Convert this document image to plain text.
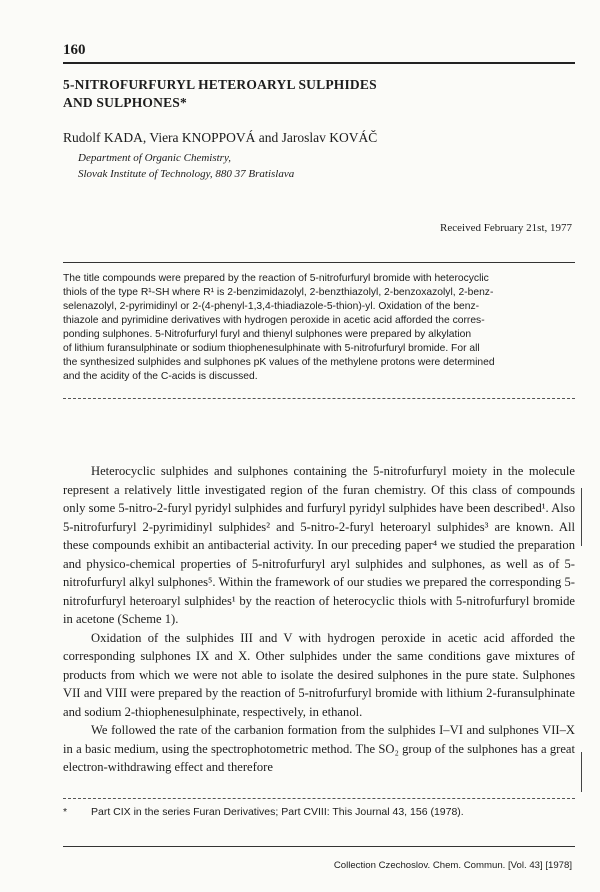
160
5-NITROFURFURYL HETEROARYL SULPHIDES
AND SULPHONES*
Rudolf KADA, Viera KNOPPOVÁ and Jaroslav KOVÁČ
Department of Organic Chemistry,
Slovak Institute of Technology, 880 37 Bratislava
Received February 21st, 1977
The title compounds were prepared by the reaction of 5-nitrofurfuryl bromide with heterocyclic
thiols of the type R¹-SH where R¹ is 2-benzimidazolyl, 2-benzthiazolyl, 2-benzoxazolyl, 2-benz-
selenazolyl, 2-pyrimidinyl or 2-(4-phenyl-1,3,4-thiadiazole-5-thion)-yl. Oxidation of the benz-
thiazole and pyrimidine derivatives with hydrogen peroxide in acetic acid afforded the corres-
ponding sulphones. 5-Nitrofurfuryl furyl and thienyl sulphones were prepared by alkylation
of lithium furansulphinate or sodium thiophenesulphinate with 5-nitrofurfuryl bromide. For all
the synthesized sulphides and sulphones pK values of the methylene protons were determined
and the acidity of the C-acids is discussed.

Heterocyclic sulphides and sulphones containing the 5-nitrofurfuryl moiety in the molecule represent a relatively little investigated region of the furan chemistry. Of this class of compounds only some 5-nitro-2-furyl pyridyl sulphides and furfuryl pyridyl sulphides have been described¹. Also 5-nitrofurfuryl 2-pyrimidinyl sulphides² and 5-nitro-2-furyl heteroaryl sulphides³ are known. All these compounds exhibit an antibacterial activity. In our preceding paper⁴ we studied the preparation and physico-chemical properties of 5-nitrofurfuryl aryl sulphides and sulphones, as well as of 5-nitrofurfuryl alkyl sulphones⁵. Within the framework of our studies we prepared the corresponding 5-nitrofurfuryl heteroaryl sulphides¹ by the reaction of heterocyclic thiols with 5-nitrofurfuryl bromide in acetone (Scheme 1).

Oxidation of the sulphides III and V with hydrogen peroxide in acetic acid afforded the corresponding sulphones IX and X. Other sulphides under the same conditions gave mixtures of products from which we were not able to isolate the desired sulphones in the pure state. Sulphones VII and VIII were prepared by the reaction of 5-nitrofurfuryl bromide with lithium 2-furansulphinate and sodium 2-thiophenesulphinate, respectively, in ethanol.

We followed the rate of the carbanion formation from the sulphides I–VI and sulphones VII–X in a basic medium, using the spectrophotometric method. The SO₂ group of the sulphones has a great electron-withdrawing effect and therefore

* Part CIX in the series Furan Derivatives; Part CVIII: This Journal 43, 156 (1978).
Collection Czechoslov. Chem. Commun. [Vol. 43] [1978]
